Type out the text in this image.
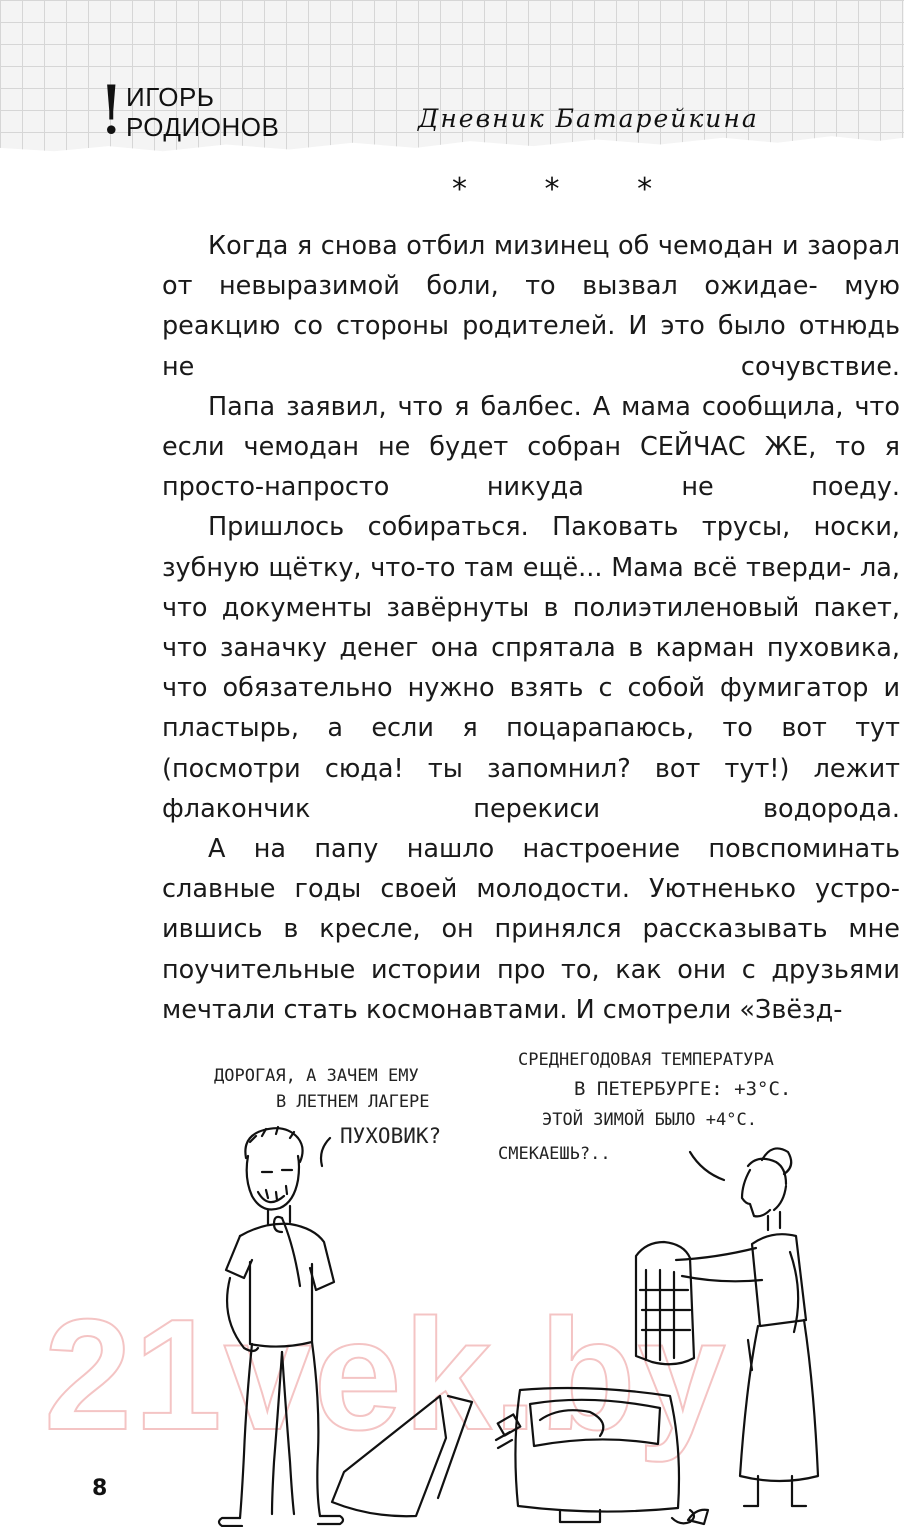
! ИГОРЬ
РОДИОНОВ	Дневник Батарейкина
* * *

Когда я снова отбил мизинец об чемодан и заорал от невыразимой боли, то вызвал ожидае- мую реакцию со стороны родителей. И это было отнюдь не сочувствие.

Папа заявил, что я балбес. А мама сообщила, что если чемодан не будет собран СЕЙЧАС ЖЕ, то я просто-напросто никуда не поеду.

Пришлось собираться. Паковать трусы, носки, зубную щётку, что-то там ещё... Мама всё тверди- ла, что документы завёрнуты в полиэтиленовый пакет, что заначку денег она спрятала в карман пуховика, что обязательно нужно взять с собой фумигатор и пластырь, а если я поцарапаюсь, то вот тут (посмотри сюда! ты запомнил? вот тут!) лежит флакончик перекиси водорода.

А на папу нашло настроение повспоминать славные годы своей молодости. Уютненько устро- ившись в кресле, он принялся рассказывать мне поучительные истории про то, как они с друзьями мечтали стать космонавтами. И смотрели «Звёзд-

ДОРОГАЯ, А ЗАЧЕМ ЕМУ
В ЛЕТНЕМ ЛАГЕРЕ
ПУХОВИК?
СРЕДНЕГОДОВАЯ ТЕМПЕРАТУРА
В ПЕТЕРБУРГЕ: +3°С.
ЭТОЙ ЗИМОЙ БЫЛО +4°С.
СМЕКАЕШЬ?..
21vek.by
8
